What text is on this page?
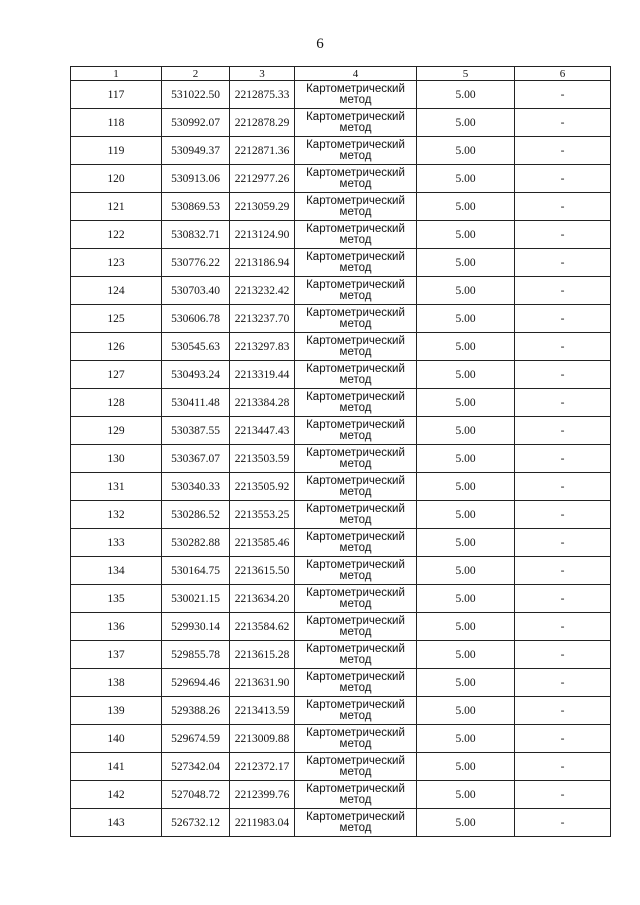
6
1	2	3	4	5	6
117	531022.50	2212875.33	Картометрический метод	5.00	-
118	530992.07	2212878.29	Картометрический метод	5.00	-
119	530949.37	2212871.36	Картометрический метод	5.00	-
120	530913.06	2212977.26	Картометрический метод	5.00	-
121	530869.53	2213059.29	Картометрический метод	5.00	-
122	530832.71	2213124.90	Картометрический метод	5.00	-
123	530776.22	2213186.94	Картометрический метод	5.00	-
124	530703.40	2213232.42	Картометрический метод	5.00	-
125	530606.78	2213237.70	Картометрический метод	5.00	-
126	530545.63	2213297.83	Картометрический метод	5.00	-
127	530493.24	2213319.44	Картометрический метод	5.00	-
128	530411.48	2213384.28	Картометрический метод	5.00	-
129	530387.55	2213447.43	Картометрический метод	5.00	-
130	530367.07	2213503.59	Картометрический метод	5.00	-
131	530340.33	2213505.92	Картометрический метод	5.00	-
132	530286.52	2213553.25	Картометрический метод	5.00	-
133	530282.88	2213585.46	Картометрический метод	5.00	-
134	530164.75	2213615.50	Картометрический метод	5.00	-
135	530021.15	2213634.20	Картометрический метод	5.00	-
136	529930.14	2213584.62	Картометрический метод	5.00	-
137	529855.78	2213615.28	Картометрический метод	5.00	-
138	529694.46	2213631.90	Картометрический метод	5.00	-
139	529388.26	2213413.59	Картометрический метод	5.00	-
140	529674.59	2213009.88	Картометрический метод	5.00	-
141	527342.04	2212372.17	Картометрический метод	5.00	-
142	527048.72	2212399.76	Картометрический метод	5.00	-
143	526732.12	2211983.04	Картометрический метод	5.00	-
